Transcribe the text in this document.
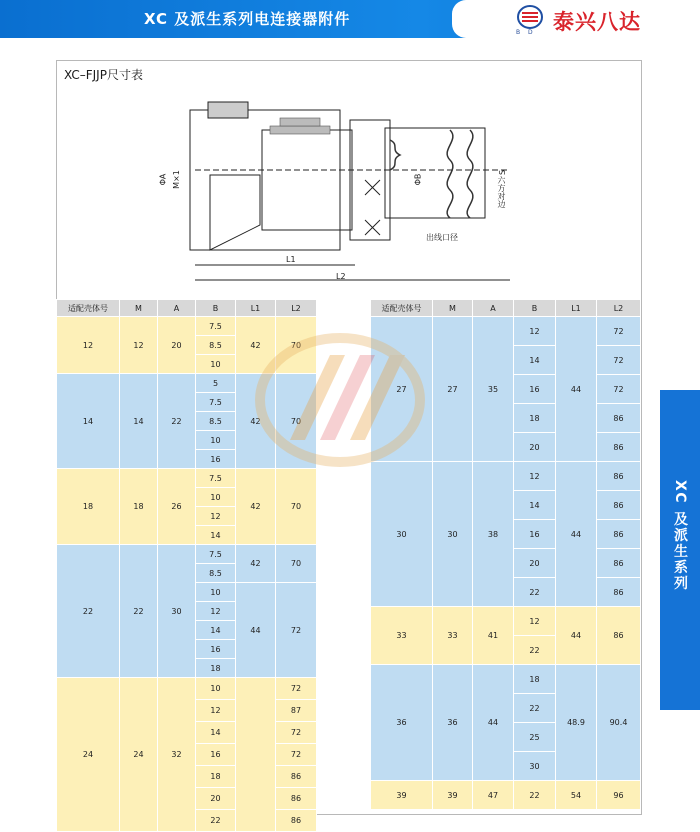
XC 及派生系列电连接器附件
B D 泰兴八达
XC–FJJP尺寸表
XC 及派生系列
ΦA M×1	ΦB
S
六方对边
出线口径
L1
L2
适配壳体号	M	A	B	L1	L2
12	12	20	7.5	42	70
			8.5		
			10		
14	14	22	5	42	70
			7.5		
			8.5		
			10		
			16		
18	18	26	7.5	42	70
			10		
			12		
			14		
22	22	30	7.5	42	70
			8.5		
			10	44	72
			12		
			14		
			16		
			18		
24	24	32	10		72
			12		87
			14		72
			16		72
			18		86
			20		86
			22		86
适配壳体号	M	A	B	L1	L2
27	27	35	12	44	72
			14		72
			16		72
			18		86
			20		86
30	30	38	12	44	86
			14		86
			16		86
			20		86
			22		86
33	33	41	12	44	86
			22		
36	36	44	18	48.9	90.4
			22		
			25		
			30		
39	39	47	22	54	96
